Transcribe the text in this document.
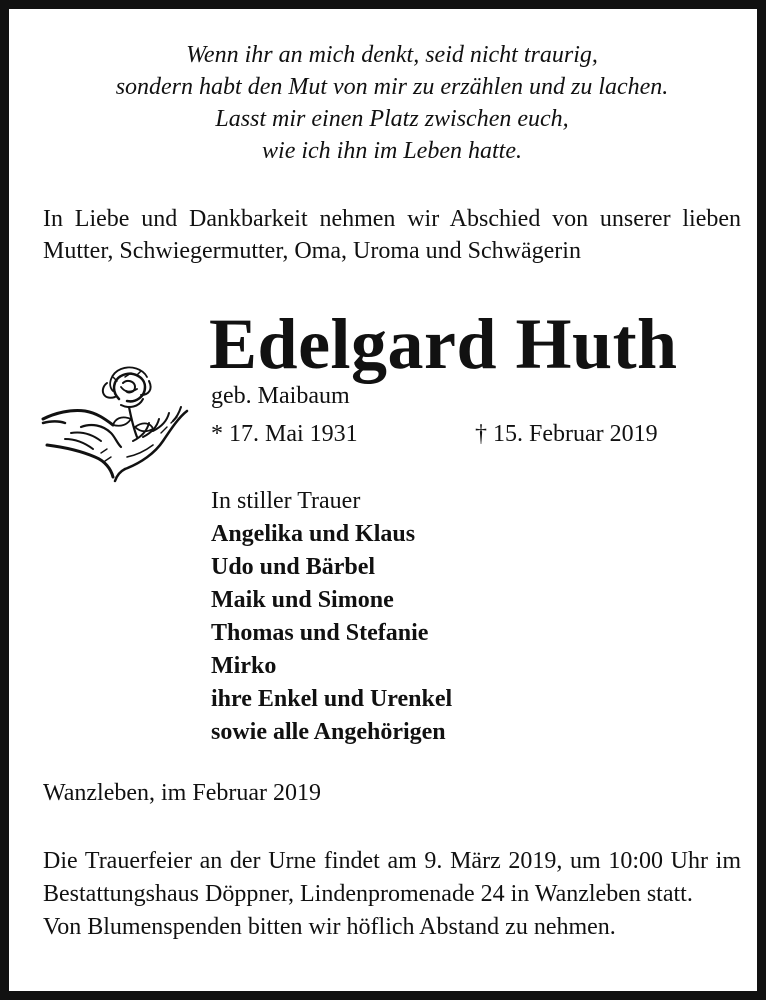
Wenn ihr an mich denkt, seid nicht traurig,
sondern habt den Mut von mir zu erzählen und zu lachen.
Lasst mir einen Platz zwischen euch,
wie ich ihn im Leben hatte.
In Liebe und Dankbarkeit nehmen wir Abschied von unserer lieben Mutter, Schwiegermutter, Oma, Uroma und Schwägerin
Edelgard Huth
geb. Maibaum
* 17. Mai 1931	† 15. Februar 2019
In stiller Trauer
Angelika und Klaus
Udo und Bärbel
Maik und Simone
Thomas und Stefanie
Mirko
ihre Enkel und Urenkel
sowie alle Angehörigen
Wanzleben, im Februar 2019
Die Trauerfeier an der Urne findet am 9. März 2019, um 10:00 Uhr im Bestattungshaus Döppner, Lindenpromenade 24 in Wanzleben statt.
Von Blumenspenden bitten wir höflich Abstand zu nehmen.
